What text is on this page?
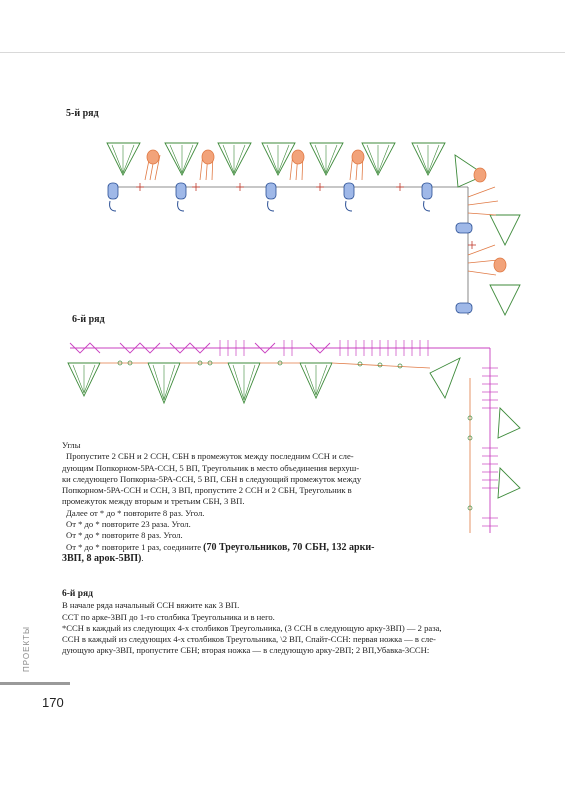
5-й ряд
6-й ряд

Углы

Пропустите 2 СБН и 2 ССН, СБН в промежуток между последним ССН и сле-

дующим Попкорном-5РА-ССН, 5 ВП, Треугольник в место объединения верхуш-

ки следующего Попкорна-5РА-ССН, 5 ВП, СБН в следующий промежуток между

Попкорном-5РА-ССН и ССН, 3 ВП, пропустите 2 ССН и 2 СБН, Треугольник в

промежуток между вторым и третьим СБН, 3 ВП.

Далее от * до * повторите 8 раз. Угол.

От * до * повторите 23 раза. Угол.

От * до * повторите 8 раз. Угол.

От * до * повторите 1 раз, соедините (70 Треугольников, 70 СБН, 132 арки-

3ВП, 8 арок-5ВП).

6-й ряд

В начале ряда начальный ССН вяжите как 3 ВП.

ССТ по арке-3ВП до 1-го столбика Треугольника и в него.

*ССН в каждый из следующих 4-х столбиков Треугольника, (3 ССН в следующую арку-3ВП) — 2 раза,

ССН в каждый из следующих 4-х столбиков Треугольника, \2 ВП, Спайт-ССН: первая ножка — в сле-

дующую арку-3ВП, пропустите СБН; вторая ножка — в следующую арку-2ВП; 2 ВП,Убавка-3ССН:

ПРОЕКТЫ
170
